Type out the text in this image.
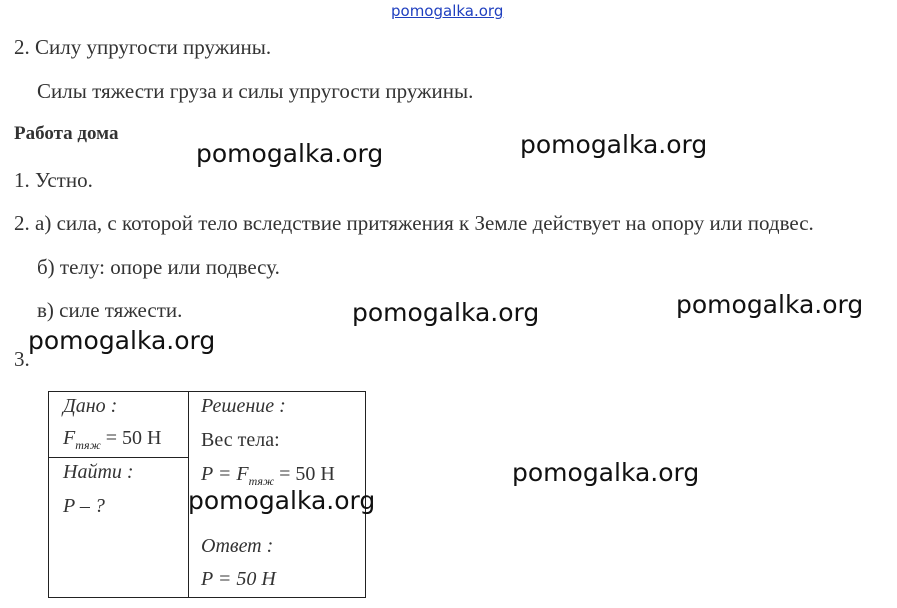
pomogalka.org
2. Силу упругости пружины.
Силы тяжести груза и силы упругости пружины.
Работа дома
1. Устно.
2. а) сила, с которой тело вследствие притяжения к Земле действует на опору или подвес.
б) телу: опоре или подвесу.
в) силе тяжести.
3.
Дано :
$F_{тяж} = 50$ Н
Найти :
P – ?
Решение :
Вес тела:
$P = F_{тяж} = 50$ Н
Ответ :
P = 50 Н
pomogalka.org	pomogalka.org
pomogalka.org	pomogalka.org
pomogalka.org
pomogalka.org
pomogalka.org
